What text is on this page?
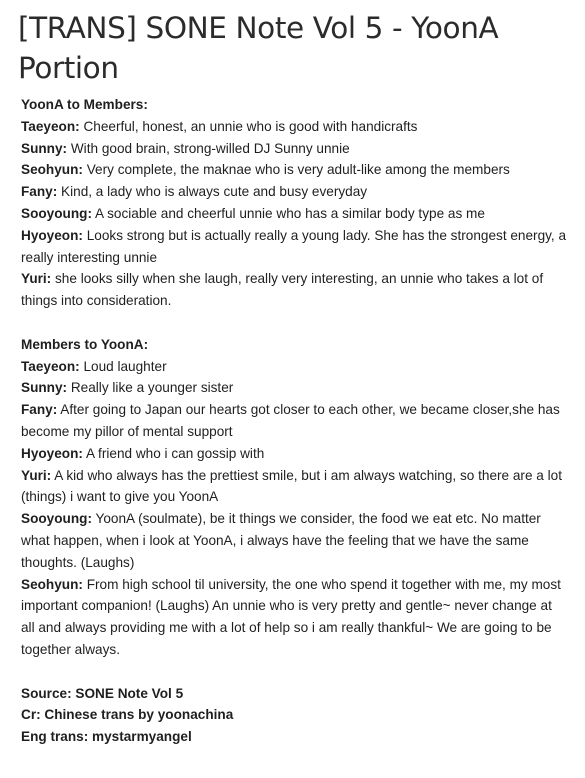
[TRANS] SONE Note Vol 5 - YoonA Portion

YoonA to Members:

Taeyeon: Cheerful, honest, an unnie who is good with handicrafts

Sunny: With good brain, strong-willed DJ Sunny unnie

Seohyun: Very complete, the maknae who is very adult-like among the members

Fany: Kind, a lady who is always cute and busy everyday

Sooyoung: A sociable and cheerful unnie who has a similar body type as me

Hyoyeon: Looks strong but is actually really a young lady. She has the strongest energy, a really interesting unnie

Yuri: she looks silly when she laugh, really very interesting, an unnie who takes a lot of things into consideration.

Members to YoonA:

Taeyeon: Loud laughter

Sunny: Really like a younger sister

Fany: After going to Japan our hearts got closer to each other, we became closer,she has become my pillor of mental support

Hyoyeon: A friend who i can gossip with

Yuri: A kid who always has the prettiest smile, but i am always watching, so there are a lot (things) i want to give you YoonA

Sooyoung: YoonA (soulmate), be it things we consider, the food we eat etc. No matter what happen, when i look at YoonA, i always have the feeling that we have the same thoughts. (Laughs)

Seohyun: From high school til university, the one who spend it together with me, my most important companion! (Laughs) An unnie who is very pretty and gentle~ never change at all and always providing me with a lot of help so i am really thankful~ We are going to be together always.

Source: SONE Note Vol 5

Cr: Chinese trans by yoonachina

Eng trans: mystarmyangel
